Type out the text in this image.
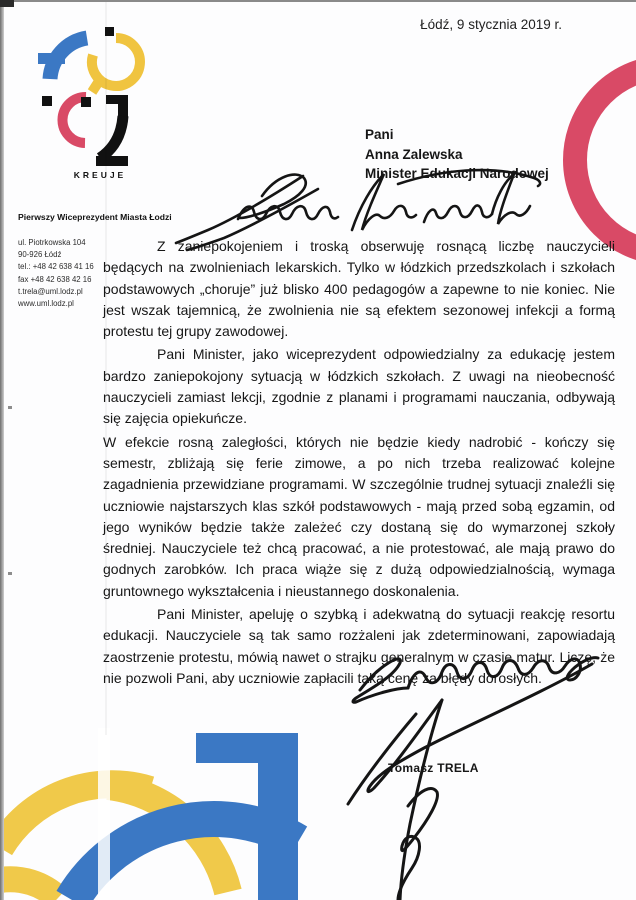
Łódź, 9 stycznia 2019 r.
KREUJE
Pierwszy Wiceprezydent Miasta Łodzi
ul. Piotrkowska 104
90-926 Łódź
tel.: +48 42 638 41 16
fax +48 42 638 42 16
t.trela@uml.lodz.pl
www.uml.lodz.pl
Pani
Anna Zalewska
Minister Edukacji Narodowej

Z zaniepokojeniem i troską obserwuję rosnącą liczbę nauczycieli będących na zwolnieniach lekarskich. Tylko w łódzkich przedszkolach i szkołach podstawowych „choruje” już blisko 400 pedagogów a zapewne to nie koniec. Nie jest wszak tajemnicą, że zwolnienia nie są efektem sezonowej infekcji a formą protestu tej grupy zawodowej.

Pani Minister, jako wiceprezydent odpowiedzialny za edukację jestem bardzo zaniepokojony sytuacją w łódzkich szkołach. Z uwagi na nieobecność nauczycieli zamiast lekcji, zgodnie z planami i programami nauczania, odbywają się zajęcia opiekuńcze.

W efekcie rosną zaległości, których nie będzie kiedy nadrobić - kończy się semestr, zbliżają się ferie zimowe, a po nich trzeba realizować kolejne zagadnienia przewidziane programami. W szczególnie trudnej sytuacji znaleźli się uczniowie najstarszych klas szkół podstawowych - mają przed sobą egzamin, od jego wyników będzie także zależeć czy dostaną się do wymarzonej szkoły średniej. Nauczyciele też chcą pracować, a nie protestować, ale mają prawo do godnych zarobków. Ich praca wiąże się z dużą odpowiedzialnością, wymaga gruntownego wykształcenia i nieustannego doskonalenia.

Pani Minister, apeluję o szybką i adekwatną do sytuacji reakcję resortu edukacji. Nauczyciele są tak samo rozżaleni jak zdeterminowani, zapowiadają zaostrzenie protestu, mówią nawet o strajku generalnym w czasie matur. Liczę, że nie pozwoli Pani, aby uczniowie zapłacili taką cenę za błędy dorosłych.

Tomasz TRELA
